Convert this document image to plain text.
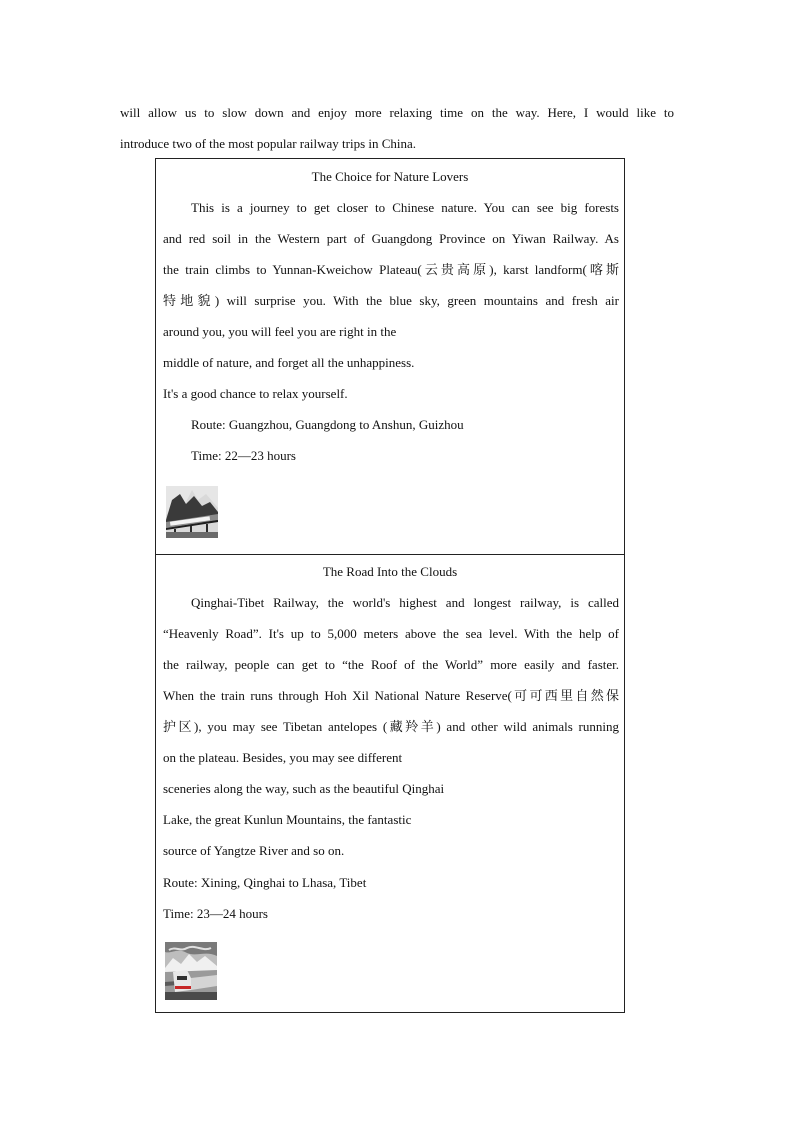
will allow us to slow down and enjoy more relaxing time on the way. Here, I would like to
introduce two of the most popular railway trips in China.
The Choice for Nature Lovers
This is a journey to get closer to Chinese nature. You can see big forests
and red soil in the Western part of Guangdong Province on Yiwan Railway. As
the train climbs to Yunnan-Kweichow Plateau(云贵高原), karst landform(喀斯
特地貌) will surprise you. With the blue sky, green mountains and fresh air
around you, you will feel you are right in the
middle of nature, and forget all the unhappiness.
It's a good chance to relax yourself.
Route: Guangzhou, Guangdong to Anshun, Guizhou
Time: 22—23 hours
The Road Into the Clouds
Qinghai-Tibet Railway, the world's highest and longest railway, is called
“Heavenly Road”. It's up to 5,000 meters above the sea level. With the help of
the railway, people can get to “the Roof of the World” more easily and faster.
When the train runs through Hoh Xil National Nature Reserve(可可西里自然保
护区), you may see Tibetan antelopes (藏羚羊) and other wild animals running
on the plateau. Besides, you may see different
sceneries along the way, such as the beautiful Qinghai
Lake, the great Kunlun Mountains, the fantastic
source of Yangtze River and so on.
Route: Xining, Qinghai to Lhasa, Tibet
Time: 23—24 hours
